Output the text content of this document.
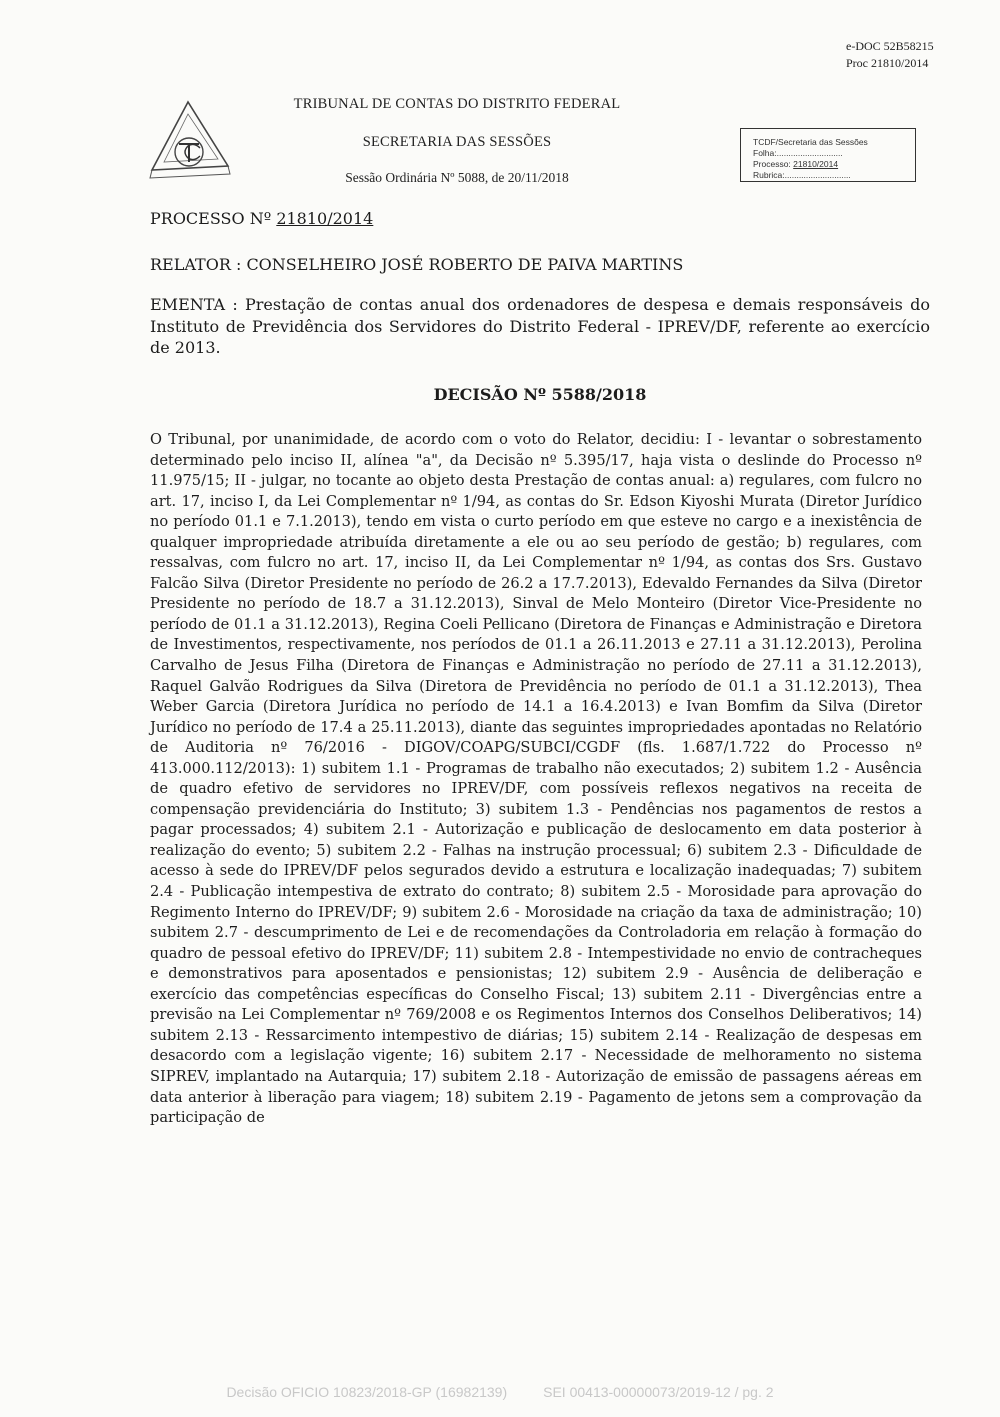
e-DOC 52B58215
Proc 21810/2014
TRIBUNAL DE CONTAS DO DISTRITO FEDERAL
SECRETARIA DAS SESSÕES
Sessão Ordinária Nº 5088, de 20/11/2018
TCDF/Secretaria das Sessões
Folha:............................
Processo: 21810/2014
Rubrica:............................
PROCESSO Nº 21810/2014
RELATOR : CONSELHEIRO JOSÉ ROBERTO DE PAIVA MARTINS
EMENTA : Prestação de contas anual dos ordenadores de despesa e demais responsáveis do Instituto de Previdência dos Servidores do Distrito Federal - IPREV/DF, referente ao exercício de 2013.
DECISÃO Nº 5588/2018
O Tribunal, por unanimidade, de acordo com o voto do Relator, decidiu: I - levantar o sobrestamento determinado pelo inciso II, alínea "a", da Decisão nº 5.395/17, haja vista o deslinde do Processo nº 11.975/15; II - julgar, no tocante ao objeto desta Prestação de contas anual: a) regulares, com fulcro no art. 17, inciso I, da Lei Complementar nº 1/94, as contas do Sr. Edson Kiyoshi Murata (Diretor Jurídico no período 01.1 e 7.1.2013), tendo em vista o curto período em que esteve no cargo e a inexistência de qualquer impropriedade atribuída diretamente a ele ou ao seu período de gestão; b) regulares, com ressalvas, com fulcro no art. 17, inciso II, da Lei Complementar nº 1/94, as contas dos Srs. Gustavo Falcão Silva (Diretor Presidente no período de 26.2 a 17.7.2013), Edevaldo Fernandes da Silva (Diretor Presidente no período de 18.7 a 31.12.2013), Sinval de Melo Monteiro (Diretor Vice-Presidente no período de 01.1 a 31.12.2013), Regina Coeli Pellicano (Diretora de Finanças e Administração e Diretora de Investimentos, respectivamente, nos períodos de 01.1 a 26.11.2013 e 27.11 a 31.12.2013), Perolina Carvalho de Jesus Filha (Diretora de Finanças e Administração no período de 27.11 a 31.12.2013), Raquel Galvão Rodrigues da Silva (Diretora de Previdência no período de 01.1 a 31.12.2013), Thea Weber Garcia (Diretora Jurídica no período de 14.1 a 16.4.2013) e Ivan Bomfim da Silva (Diretor Jurídico no período de 17.4 a 25.11.2013), diante das seguintes impropriedades apontadas no Relatório de Auditoria nº 76/2016 - DIGOV/COAPG/SUBCI/CGDF (fls. 1.687/1.722 do Processo nº 413.000.112/2013): 1) subitem 1.1 - Programas de trabalho não executados; 2) subitem 1.2 - Ausência de quadro efetivo de servidores no IPREV/DF, com possíveis reflexos negativos na receita de compensação previdenciária do Instituto; 3) subitem 1.3 - Pendências nos pagamentos de restos a pagar processados; 4) subitem 2.1 - Autorização e publicação de deslocamento em data posterior à realização do evento; 5) subitem 2.2 - Falhas na instrução processual; 6) subitem 2.3 - Dificuldade de acesso à sede do IPREV/DF pelos segurados devido a estrutura e localização inadequadas; 7) subitem 2.4 - Publicação intempestiva de extrato do contrato; 8) subitem 2.5 - Morosidade para aprovação do Regimento Interno do IPREV/DF; 9) subitem 2.6 - Morosidade na criação da taxa de administração; 10) subitem 2.7 - descumprimento de Lei e de recomendações da Controladoria em relação à formação do quadro de pessoal efetivo do IPREV/DF; 11) subitem 2.8 - Intempestividade no envio de contracheques e demonstrativos para aposentados e pensionistas; 12) subitem 2.9 - Ausência de deliberação e exercício das competências específicas do Conselho Fiscal; 13) subitem 2.11 - Divergências entre a previsão na Lei Complementar nº 769/2008 e os Regimentos Internos dos Conselhos Deliberativos; 14) subitem 2.13 - Ressarcimento intempestivo de diárias; 15) subitem 2.14 - Realização de despesas em desacordo com a legislação vigente; 16) subitem 2.17 - Necessidade de melhoramento no sistema SIPREV, implantado na Autarquia; 17) subitem 2.18 - Autorização de emissão de passagens aéreas em data anterior à liberação para viagem; 18) subitem 2.19 - Pagamento de jetons sem a comprovação da participação de
Decisão OFICIO 10823/2018-GP (16982139)	SEI 00413-00000073/2019-12 / pg. 2
